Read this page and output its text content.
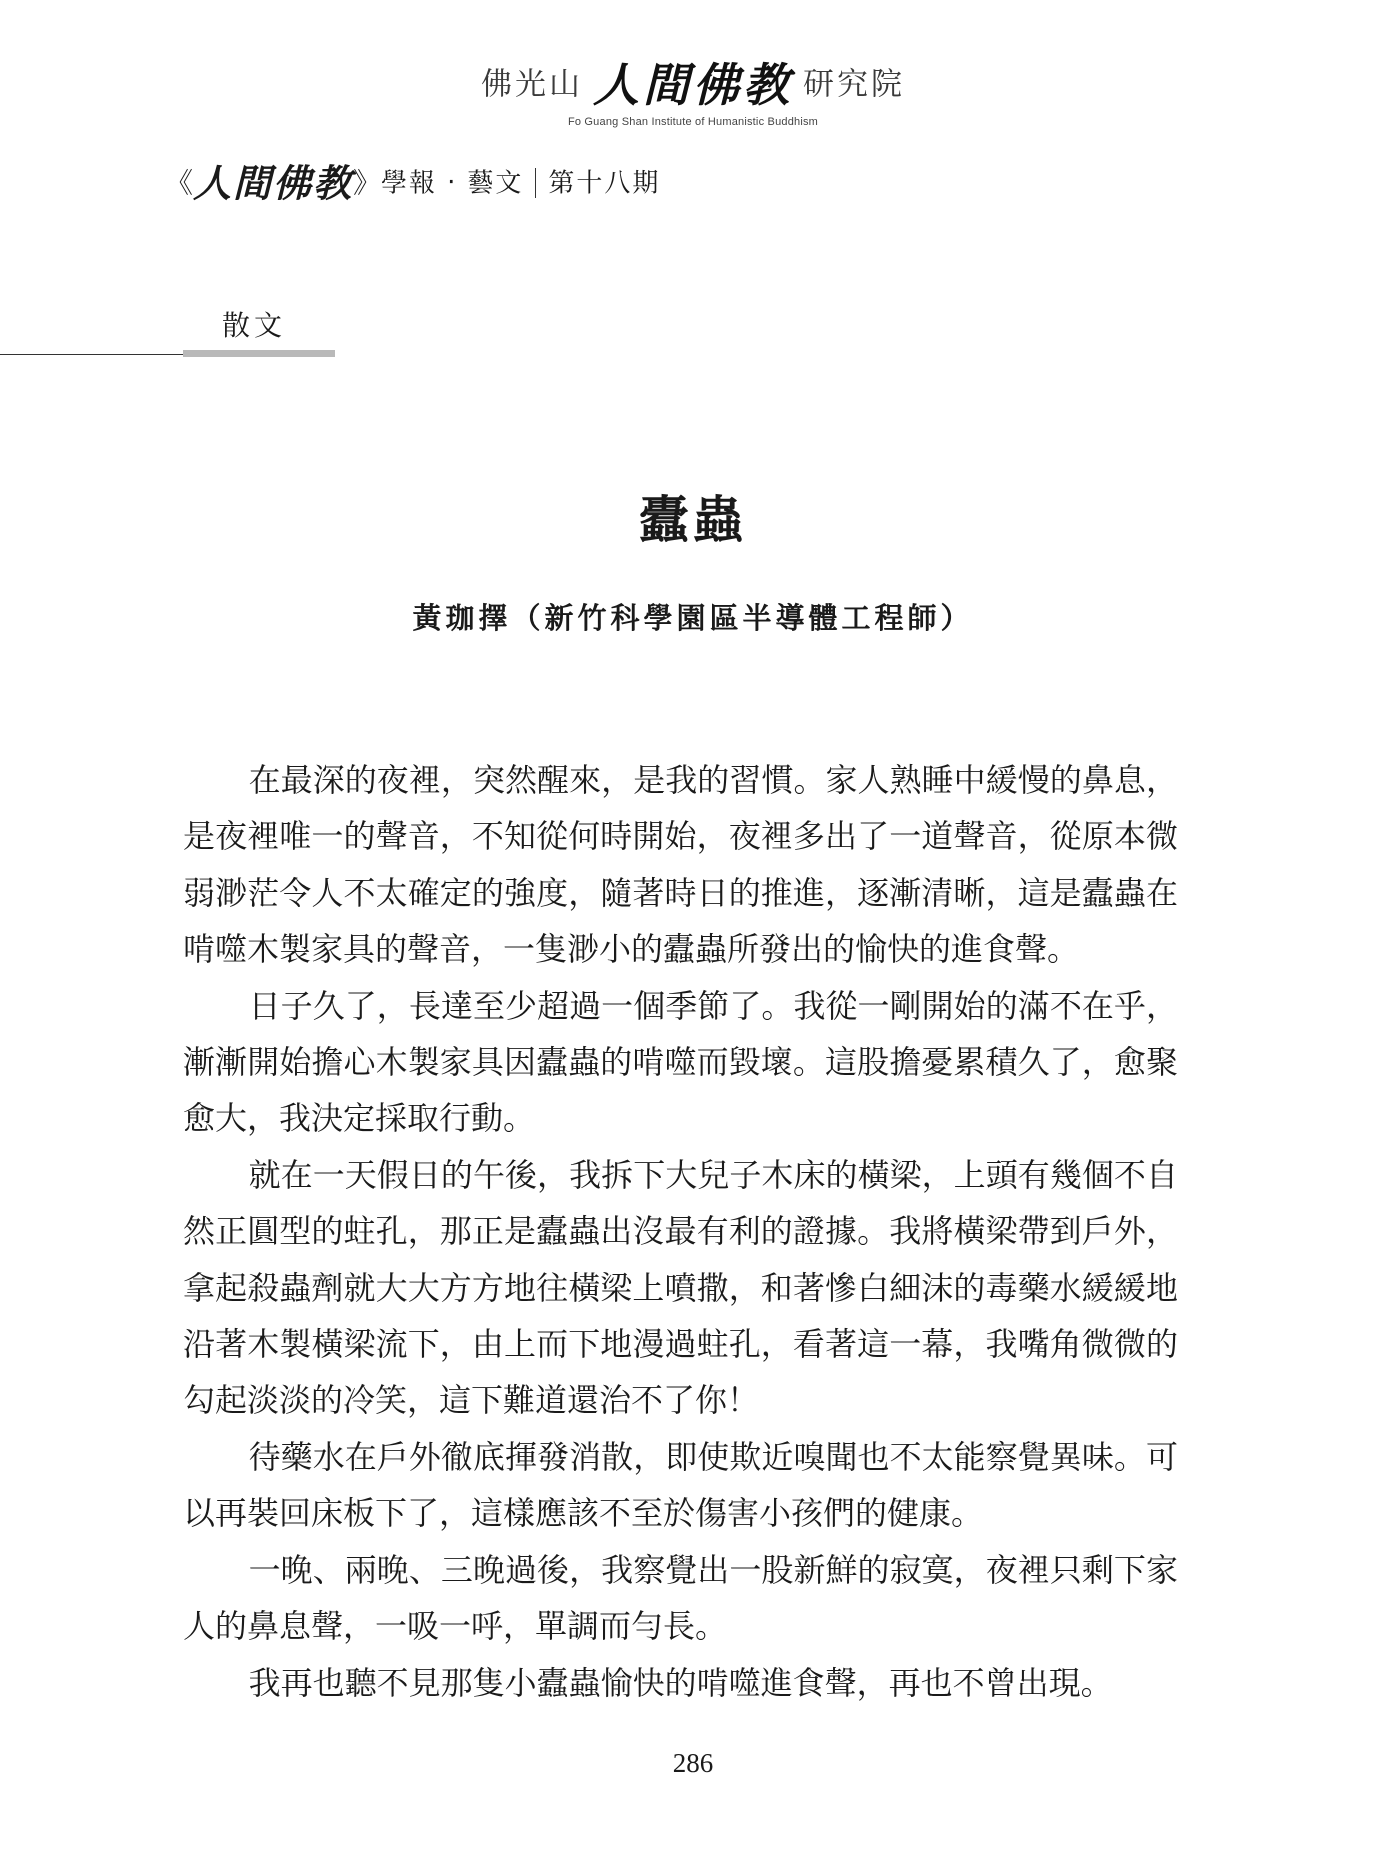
佛光山 人間佛教 研究院
Fo Guang Shan Institute of Humanistic Buddhism
《人間佛教》學報 ‧ 藝文 第十八期
散文
蠹蟲
黃珈擇（新竹科學園區半導體工程師）

在最深的夜裡，突然醒來，是我的習慣。家人熟睡中緩慢的鼻息，是夜裡唯一的聲音，不知從何時開始，夜裡多出了一道聲音，從原本微弱渺茫令人不太確定的強度，隨著時日的推進，逐漸清晰，這是蠹蟲在啃噬木製家具的聲音，一隻渺小的蠹蟲所發出的愉快的進食聲。

日子久了，長達至少超過一個季節了。我從一剛開始的滿不在乎，漸漸開始擔心木製家具因蠹蟲的啃噬而毀壞。這股擔憂累積久了，愈聚愈大，我決定採取行動。

就在一天假日的午後，我拆下大兒子木床的橫梁，上頭有幾個不自然正圓型的蛀孔，那正是蠹蟲出沒最有利的證據。我將橫梁帶到戶外，拿起殺蟲劑就大大方方地往橫梁上噴撒，和著慘白細沫的毒藥水緩緩地沿著木製橫梁流下，由上而下地漫過蛀孔，看著這一幕，我嘴角微微的勾起淡淡的冷笑，這下難道還治不了你！

待藥水在戶外徹底揮發消散，即使欺近嗅聞也不太能察覺異味。可以再裝回床板下了，這樣應該不至於傷害小孩們的健康。

一晚、兩晚、三晚過後，我察覺出一股新鮮的寂寞，夜裡只剩下家人的鼻息聲，一吸一呼，單調而勻長。

我再也聽不見那隻小蠹蟲愉快的啃噬進食聲，再也不曾出現。

286
